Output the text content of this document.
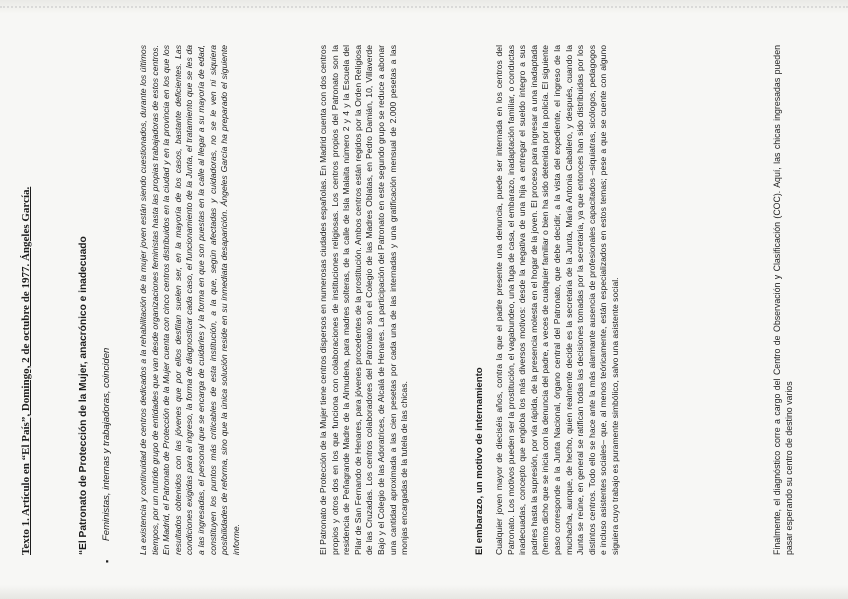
Texto 1. Artículo en “El País”, Domingo, 2 de octubre de 1977. Ángeles García.	“El Patronato de Protección de la Mujer, anacrónico e inadecuado
▪
Feministas, internas y trabajadoras, coinciden	La existencia y continuidad de centros dedicados a la rehabilitación de la mujer joven están siendo cuestionados, durante los últimos tiempos, por un nutrido grupo de entidades que van desde organizaciones feministas hasta las propias trabajadoras de estos centros. En Madrid, el Patronato de Protección de la Mujer cuenta con cinco centros distribuidos en la ciudad y en la provincia en los que los resultados obtenidos con las jóvenes que por ellos desfilan suelen ser, en la mayoría de los casos, bastante deficientes. Las condiciones exigidas para el ingreso, la forma de diagnosticar cada caso, el funcionamiento de la Junta, el tratamiento que se les da a las ingresadas, el personal que se encarga de cuidarles y la forma en que son puestas en la calle al llegar a su mayoría de edad, constituyen los puntos más criticables de esta institución, a la que, según afectadas y cuidadoras, no se le ven ni siquiera posibilidades de reforma, sino que la única solución reside en su inmediata desaparición. Ángeles García ha preparado el siguiente informe.	El Patronato de Protección de la Mujer tiene centros dispersos en numerosas ciudades españolas. En Madrid cuenta con dos centros propios y otros dos en los que funciona con colaboraciones de instituciones religiosas. Los centros propios del Patronato son la residencia de Peñagrande Madre de la Almudena, para madres solteras, de la calle de Isla Malaita número 2 y 4 y la Escuela del Pilar de San Fernando de Henares, para jóvenes procedentes de la prostitución. Ambos centros están regidos por la Orden Religiosa de las Cruzadas. Los centros colaboradores del Patronato son el Colegio de las Madres Oblatas, en Pedro Damián, 10, Villaverde Bajo y el Colegio de las Adoratrices, de Alcalá de Henares. La participación del Patronato en este segundo grupo se reduce a abonar una cantidad aproximada a las cien pesetas por cada una de las internadas y una gratificación mensual de 2.000 pesetas a las monjas encargadas de la tutela de las chicas.	El embarazo, un motivo de internamiento Cualquier joven mayor de dieciséis años, contra la que el padre presente una denuncia, puede ser internada en los centros del Patronato. Los motivos pueden ser la prostitución, el vagabundeo, una fuga de casa, el embarazo, inadaptación familiar, o conductas inadecuadas, concepto que engloba los más diversos motivos: desde la negativa de una hija a entregar el sueldo íntegro a sus padres hasta la supresión, por vía rápida, de la presencia molesta en el hogar de la joven. El proceso para ingresar a una inadaptada (hemos dicho que se inicia con la denuncia del padre, a veces de cualquier familiar o bien ha sido detenida por la policía. El siguiente paso corresponde a la Junta Nacional, órgano central del Patronato, que debe decidir, a la vista del expediente, el ingreso de la muchacha, aunque, de hecho, quien realmente decide es la secretaria de la Junta, María Antonia Caballero, y después, cuando la Junta se reúne, en general se ratifican todas las decisiones tomadas por la secretaria, ya que entonces han sido distribuidas por los distintos centros. Todo ello se hace ante la más alarmante ausencia de profesionales capacitados –siquiatras, sicólogos, pedagogos e incluso asistentes sociales– que, al menos teóricamente, están especializados en estos temas; pese a que se cuente con alguno siguiera cuyo trabajo es puramente simbólico, salvo una asistente social.	Finalmente, el diagnóstico corre a cargo del Centro de Observación y Clasificación (COC). Aquí, las chicas ingresadas pueden pasar esperando su centro de destino varios
